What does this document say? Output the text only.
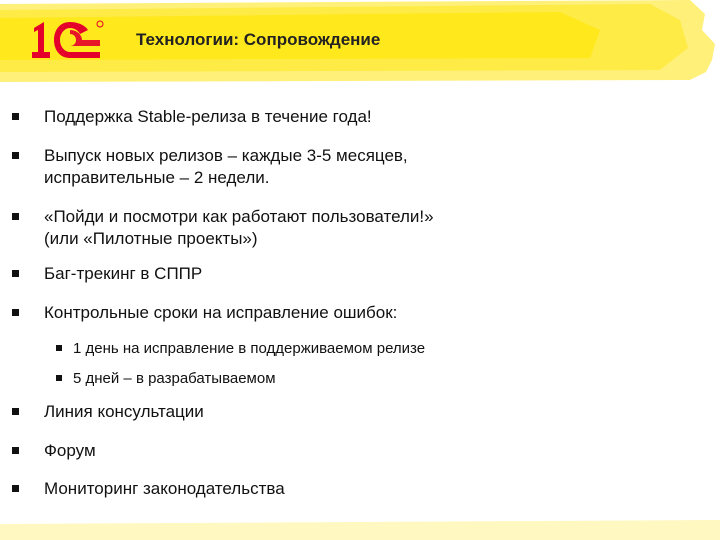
Технологии: Сопровождение
Поддержка Stable-релиза в течение года!
Выпуск новых релизов – каждые 3-5 месяцев,
исправительные – 2 недели.
«Пойди и посмотри как работают пользователи!»
(или «Пилотные проекты»)
Баг-трекинг в СППР
Контрольные сроки на исправление ошибок:
1 день на исправление в поддерживаемом релизе
5 дней – в разрабатываемом
Линия консультации
Форум
Мониторинг законодательства
